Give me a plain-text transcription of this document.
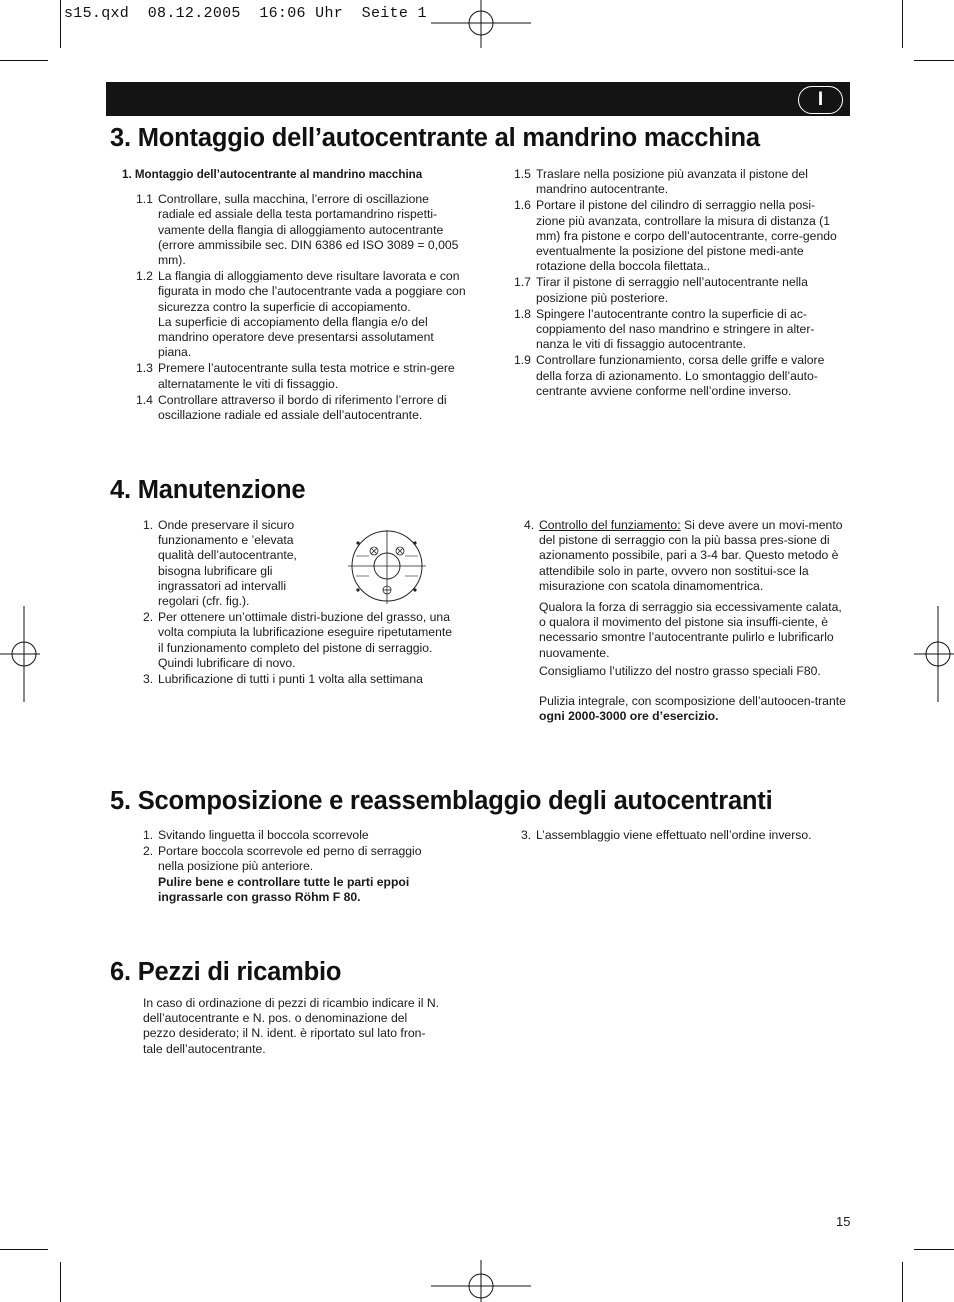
s15.qxd  08.12.2005  16:06 Uhr  Seite 1
I
3. Montaggio dell’autocentrante al mandrino macchina

1. Montaggio dell’autocentrante al mandrino macchina

1.1 Controllare, sulla macchina, l’errore di oscillazione radiale ed assiale della testa portamandrino rispetti-vamente della flangia di alloggiamento autocentrante (errore ammissibile sec. DIN 6386 ed ISO 3089 = 0,005 mm).
1.2 La flangia di alloggiamento deve risultare lavorata e con figurata in modo che l’autocentrante vada a poggiare con sicurezza contro la superficie di accopiamento.
La superficie di accopiamento della flangia e/o del mandrino operatore deve presentarsi assolutament piana.
1.3 Premere l’autocentrante sulla testa motrice e strin-gere alternatamente le viti di fissaggio.
1.4 Controllare attraverso il bordo di riferimento l’errore di oscillazione radiale ed assiale dell’autocentrante.
1.5 Traslare nella posizione più avanzata il pistone del mandrino autocentrante.
1.6 Portare il pistone del cilindro di serraggio nella posi-zione più avanzata, controllare la misura di distanza (1 mm) fra pistone e corpo dell’autocentrante, corre-gendo eventualmente la posizione del pistone medi-ante rotazione della boccola filettata..
1.7 Tirar il pistone di serraggio nell’autocentrante nella posizione più posteriore.
1.8 Spingere l’autocentrante contro la superficie di ac-coppiamento del naso mandrino e stringere in alter-nanza le viti di fissaggio autocentrante.
1.9 Controllare funzionamiento, corsa delle griffe e valore della forza di azionamento. Lo smontaggio dell’auto-centrante avviene conforme nell’ordine inverso.
4. Manutenzione
1. Onde preservare il sicuro funzionamento e ’elevata qualità dell’autocentrante, bisogna lubrificare gli ingrassatori ad intervalli regolari (cfr. fig.).
2. Per ottenere un’ottimale distri-buzione del grasso, una volta compiuta la lubrificazione eseguire ripetutamente il funzionamento completo del pistone di serraggio. Quindi lubrificare di novo.
3. Lubrificazione di tutti i punti 1 volta alla settimana
4. Controllo del funziamento: Si deve avere un movi-mento del pistone di serraggio con la più bassa pres-sione di azionamento possibile, pari a 3-4 bar. Questo metodo è attendibile solo in parte, ovvero non sostitui-sce la misurazione con scatola dinamomentrica.

Qualora la forza di serraggio sia eccessivamente calata, o qualora il movimento del pistone sia insuffi-ciente, è necessario smontre l’autocentrante pulirlo e lubrificarlo nuovamente.

Consigliamo l’utilizzo del nostro grasso speciali F80.

Pulizia integrale, con scomposizione dell’autoocen-trante ogni 2000-3000 ore d’esercizio.

5. Scomposizione e reassemblaggio degli autocentranti
1. Svitando linguetta il boccola scorrevole
2. Portare boccola scorrevole ed perno di serraggio nella posizione più anteriore.
Pulire bene e controllare tutte le parti eppoi ingrassarle con grasso Röhm F 80.
3. L’assemblaggio viene effettuato nell’ordine inverso.
6. Pezzi di ricambio
In caso di ordinazione di pezzi di ricambio indicare il N. dell’autocentrante e N. pos. o denominazione del pezzo desiderato; il N. ident. è riportato sul lato fron-tale dell’autocentrante.
15
